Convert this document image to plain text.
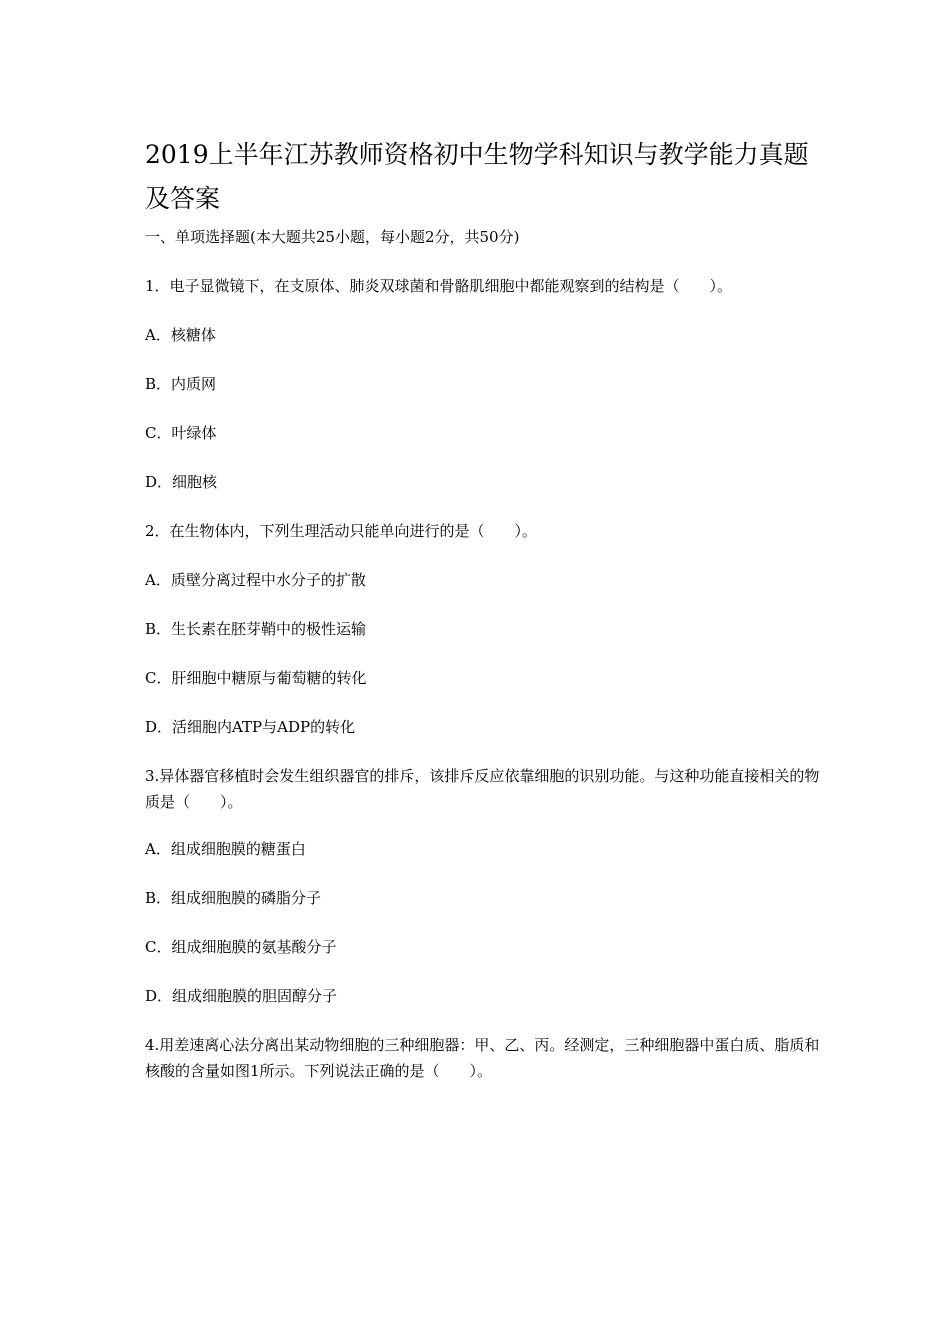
2019上半年江苏教师资格初中生物学科知识与教学能力真题及答案

一、单项选择题(本大题共25小题，每小题2分，共50分)

1．电子显微镜下，在支原体、肺炎双球菌和骨骼肌细胞中都能观察到的结构是（　　）。

A．核糖体

B．内质网

C．叶绿体

D．细胞核

2．在生物体内，下列生理活动只能单向进行的是（　　）。

A．质壁分离过程中水分子的扩散

B．生长素在胚芽鞘中的极性运输

C．肝细胞中糖原与葡萄糖的转化

D．活细胞内ATP与ADP的转化

3.异体器官移植时会发生组织器官的排斥，该排斥反应依靠细胞的识别功能。与这种功能直接相关的物质是（　　）。

A．组成细胞膜的糖蛋白

B．组成细胞膜的磷脂分子

C．组成细胞膜的氨基酸分子

D．组成细胞膜的胆固醇分子

4.用差速离心法分离出某动物细胞的三种细胞器：甲、乙、丙。经测定，三种细胞器中蛋白质、脂质和核酸的含量如图1所示。下列说法正确的是（　　）。
